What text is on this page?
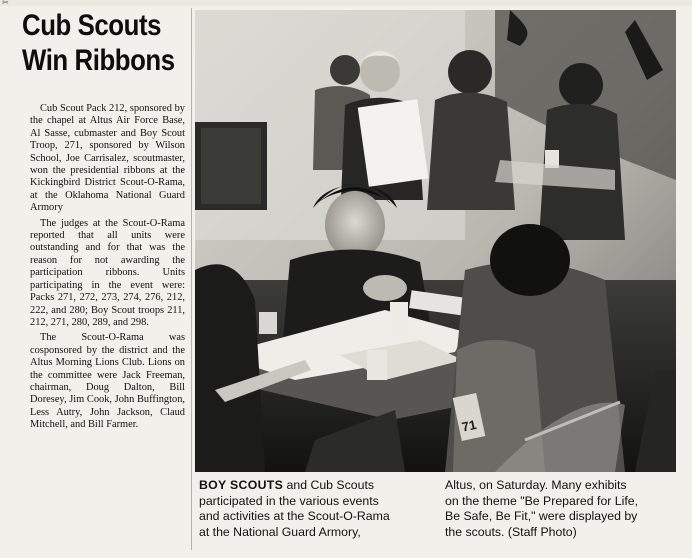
✂
Cub Scouts
Win Ribbons

Cub Scout Pack 212, sponsored by the chapel at Altus Air Force Base, Al Sasse, cubmaster and Boy Scout Troop, 271, sponsored by Wilson School, Joe Carrisalez, scoutmaster, won the presidential ribbons at the Kickingbird District Scout-O-Rama, at the Oklahoma National Guard Armory

The judges at the Scout-O-Rama reported that all units were outstanding and for that was the reason for not awarding the participation ribbons. Units participating in the event were: Packs 271, 272, 273, 274, 276, 212, 222, and 280; Boy Scout troops 211, 212, 271, 280, 289, and 298.

The Scout-O-Rama was cosponsored by the district and the Altus Morning Lions Club. Lions on the committee were Jack Freeman, chairman, Doug Dalton, Bill Doresey, Jim Cook, John Buffington, Less Autry, John Jackson, Claud Mitchell, and Bill Farmer.	71
BOY SCOUTS and Cub Scouts
participated in the various events
and activities at the Scout-O-Rama
at the National Guard Armory,
Altus, on Saturday. Many exhibits
on the theme "Be Prepared for Life,
Be Safe, Be Fit," were displayed by
the scouts. (Staff Photo)
